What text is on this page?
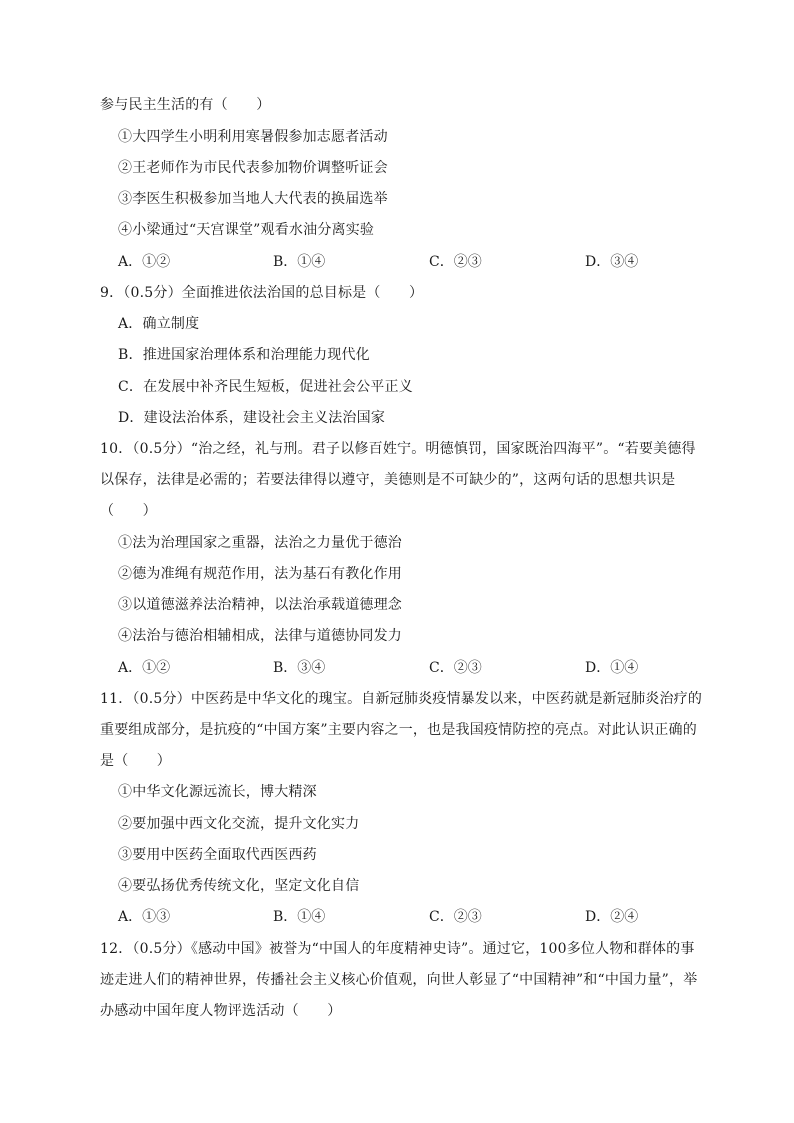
参与民主生活的有（　　）
①大四学生小明利用寒暑假参加志愿者活动
②王老师作为市民代表参加物价调整听证会
③李医生积极参加当地人大代表的换届选举
④小梁通过“天宫课堂”观看水油分离实验
A．①②	B．①④	C．②③	D．③④
9．（0.5分）全面推进依法治国的总目标是（　　）
A．确立制度
B．推进国家治理体系和治理能力现代化
C．在发展中补齐民生短板，促进社会公平正义
D．建设法治体系，建设社会主义法治国家
10．（0.5分）“治之经，礼与刑。君子以修百姓宁。明德慎罚，国家既治四海平”。“若要美德得
以保存，法律是必需的；若要法律得以遵守，美德则是不可缺少的”，这两句话的思想共识是
（　　）
①法为治理国家之重器，法治之力量优于德治
②德为准绳有规范作用，法为基石有教化作用
③以道德滋养法治精神，以法治承载道德理念
④法治与德治相辅相成，法律与道德协同发力
A．①②	B．③④	C．②③	D．①④
11．（0.5分）中医药是中华文化的瑰宝。自新冠肺炎疫情暴发以来，中医药就是新冠肺炎治疗的
重要组成部分，是抗疫的“中国方案”主要内容之一，也是我国疫情防控的亮点。对此认识正确的
是（　　）
①中华文化源远流长，博大精深
②要加强中西文化交流，提升文化实力
③要用中医药全面取代西医西药
④要弘扬优秀传统文化，坚定文化自信
A．①③	B．①④	C．②③	D．②④
12．（0.5分）《感动中国》被誉为“中国人的年度精神史诗”。通过它，100多位人物和群体的事
迹走进人们的精神世界，传播社会主义核心价值观，向世人彰显了“中国精神”和“中国力量”，举
办感动中国年度人物评选活动（　　）
